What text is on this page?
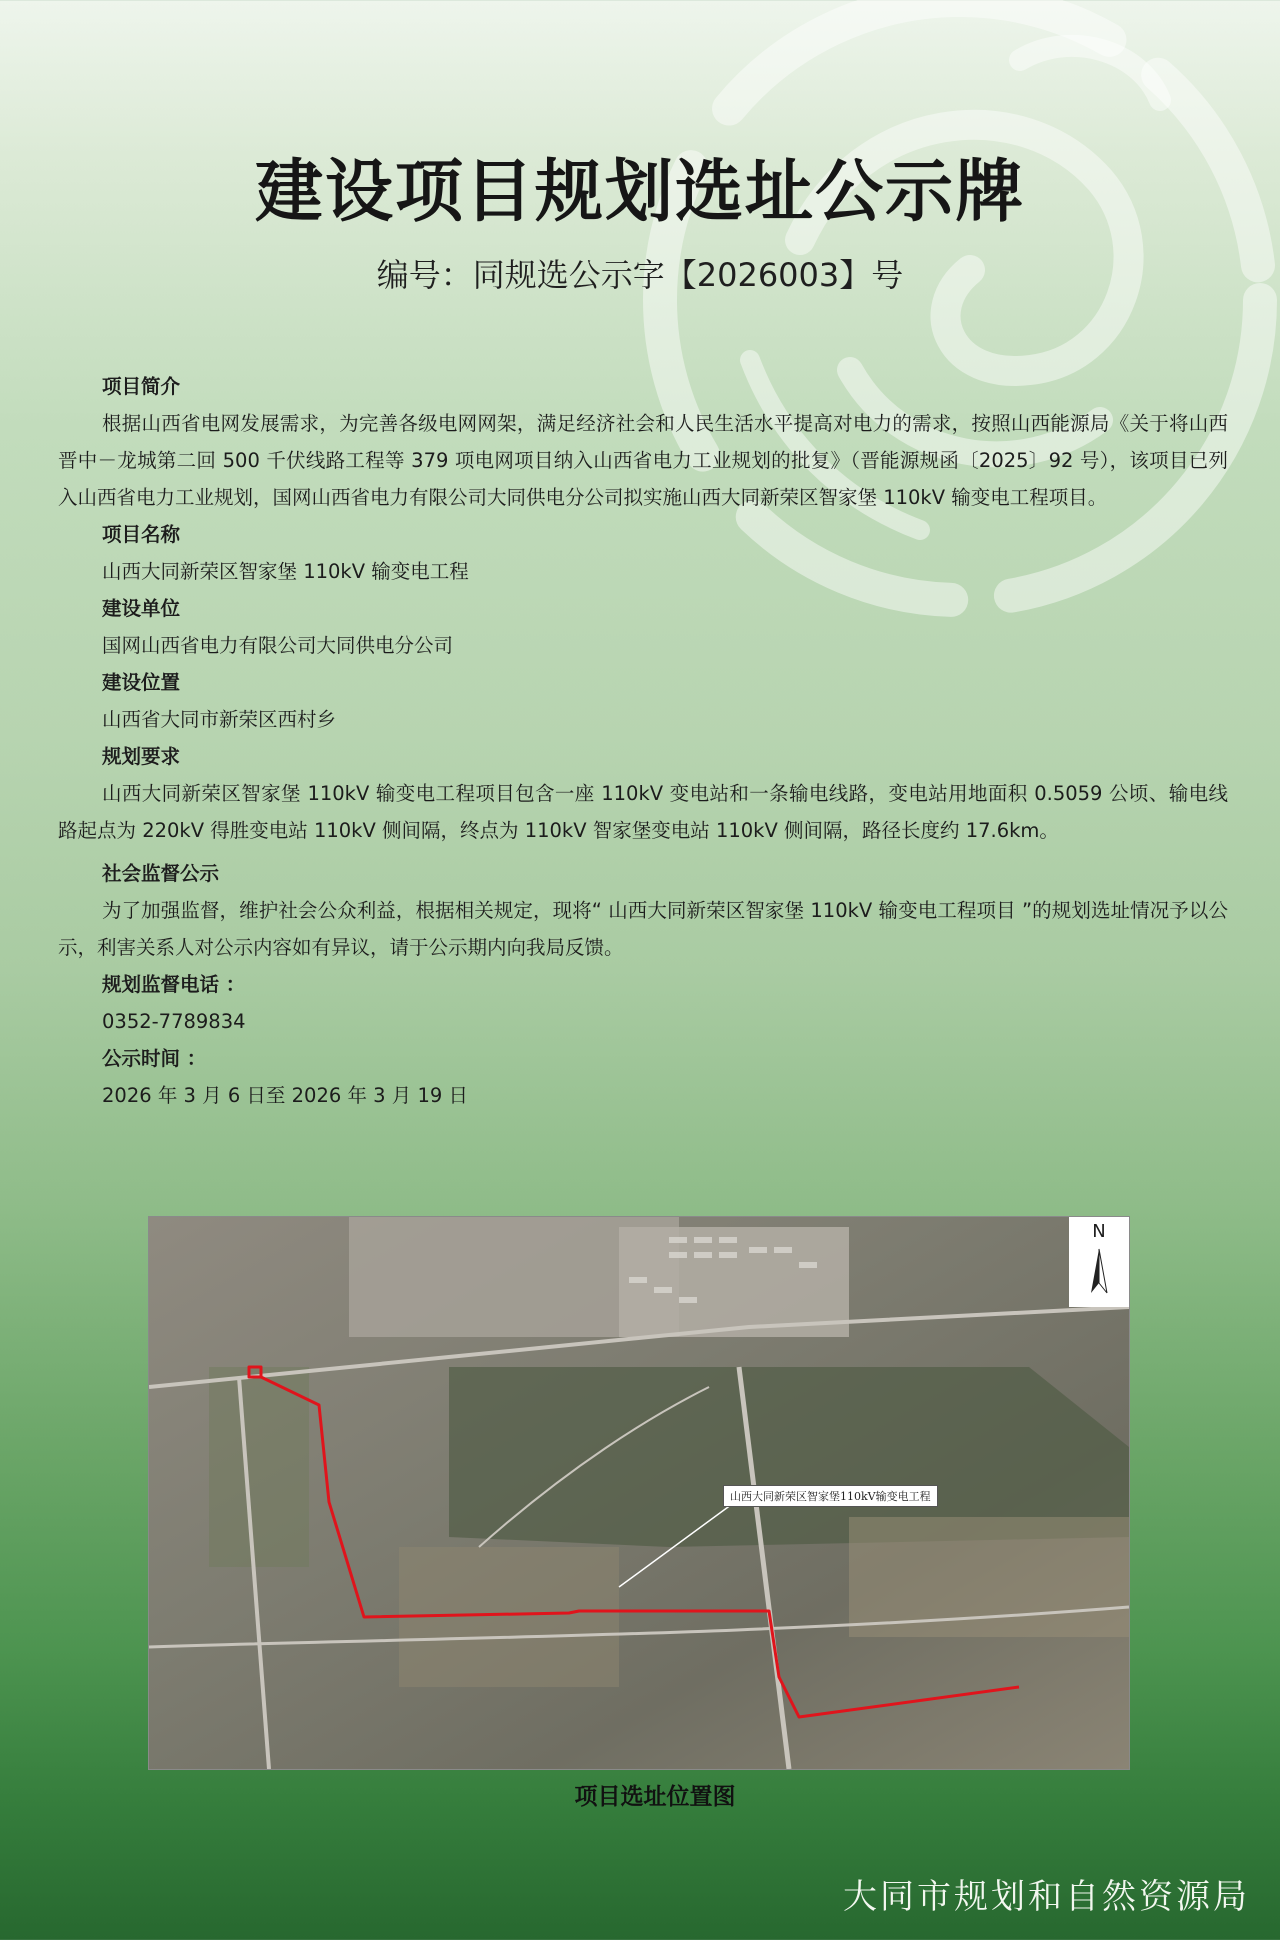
建设项目规划选址公示牌
编号：同规选公示字【2026003】号

项目简介

根据山西省电网发展需求，为完善各级电网网架，满足经济社会和人民生活水平提高对电力的需求，按照山西能源局《关于将山西晋中－龙城第二回 500 千伏线路工程等 379 项电网项目纳入山西省电力工业规划的批复》（晋能源规函〔2025〕92 号），该项目已列入山西省电力工业规划，国网山西省电力有限公司大同供电分公司拟实施山西大同新荣区智家堡 110kV 输变电工程项目。

项目名称

山西大同新荣区智家堡 110kV 输变电工程

建设单位

国网山西省电力有限公司大同供电分公司

建设位置

山西省大同市新荣区西村乡

规划要求

山西大同新荣区智家堡 110kV 输变电工程项目包含一座 110kV 变电站和一条输电线路，变电站用地面积 0.5059 公顷、输电线路起点为 220kV 得胜变电站 110kV 侧间隔，终点为 110kV 智家堡变电站 110kV 侧间隔，路径长度约 17.6km。

社会监督公示

为了加强监督，维护社会公众利益，根据相关规定，现将“ 山西大同新荣区智家堡 110kV 输变电工程项目 ”的规划选址情况予以公示，利害关系人对公示内容如有异议，请于公示期内向我局反馈。

规划监督电话 ：

0352-7789834

公示时间 ：

2026 年 3 月 6 日至 2026 年 3 月 19 日

N
山西大同新荣区智家堡110kV输变电工程
项目选址位置图
大同市规划和自然资源局
